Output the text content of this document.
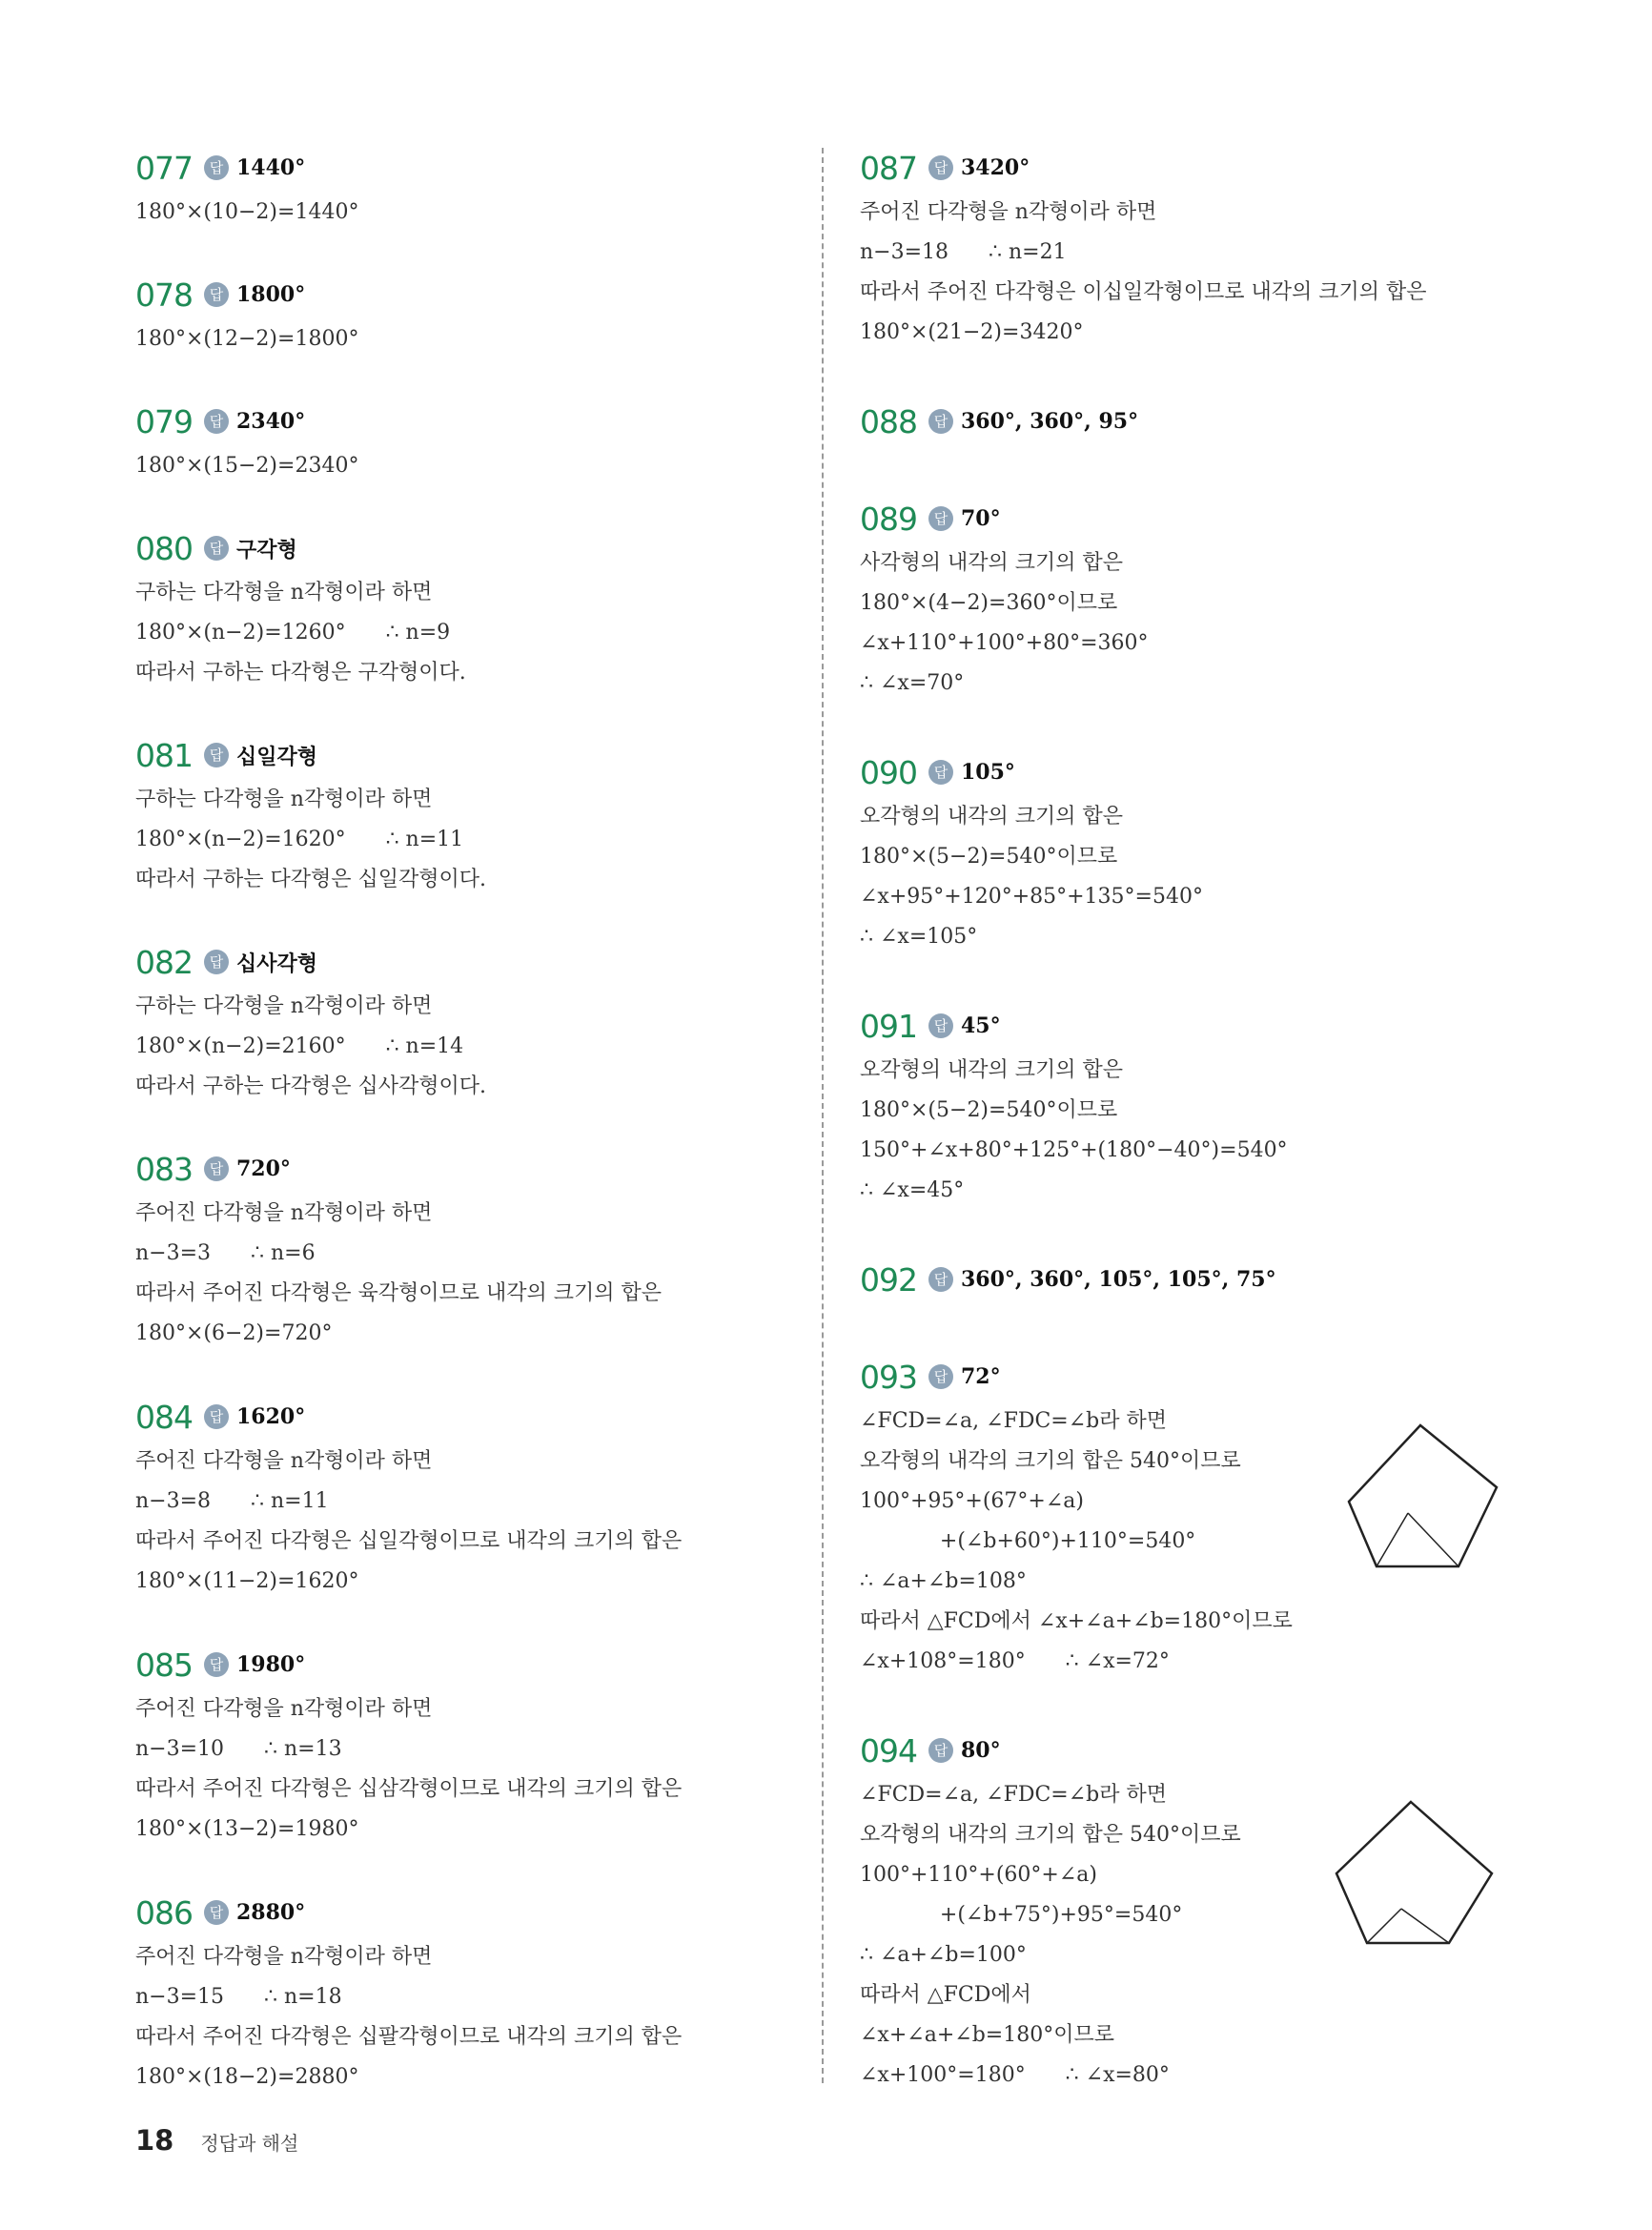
077	답 1440°
180°×(10−2)=1440°
078	답 1800°
180°×(12−2)=1800°
079	답 2340°
180°×(15−2)=2340°
080	답 구각형
구하는 다각형을 n각형이라 하면
180°×(n−2)=1260°      ∴ n=9
따라서 구하는 다각형은 구각형이다.
081	답 십일각형
구하는 다각형을 n각형이라 하면
180°×(n−2)=1620°      ∴ n=11
따라서 구하는 다각형은 십일각형이다.
082	답 십사각형
구하는 다각형을 n각형이라 하면
180°×(n−2)=2160°      ∴ n=14
따라서 구하는 다각형은 십사각형이다.
083	답 720°
주어진 다각형을 n각형이라 하면
n−3=3      ∴ n=6
따라서 주어진 다각형은 육각형이므로 내각의 크기의 합은
180°×(6−2)=720°
084	답 1620°
주어진 다각형을 n각형이라 하면
n−3=8      ∴ n=11
따라서 주어진 다각형은 십일각형이므로 내각의 크기의 합은
180°×(11−2)=1620°
085	답 1980°
주어진 다각형을 n각형이라 하면
n−3=10      ∴ n=13
따라서 주어진 다각형은 십삼각형이므로 내각의 크기의 합은
180°×(13−2)=1980°
086	답 2880°
주어진 다각형을 n각형이라 하면
n−3=15      ∴ n=18
따라서 주어진 다각형은 십팔각형이므로 내각의 크기의 합은
180°×(18−2)=2880°
087	답 3420°
주어진 다각형을 n각형이라 하면
n−3=18      ∴ n=21
따라서 주어진 다각형은 이십일각형이므로 내각의 크기의 합은
180°×(21−2)=3420°
088	답 360°, 360°, 95°
089	답 70°
사각형의 내각의 크기의 합은
180°×(4−2)=360°이므로
∠x+110°+100°+80°=360°
∴ ∠x=70°
090	답 105°
오각형의 내각의 크기의 합은
180°×(5−2)=540°이므로
∠x+95°+120°+85°+135°=540°
∴ ∠x=105°
091	답 45°
오각형의 내각의 크기의 합은
180°×(5−2)=540°이므로
150°+∠x+80°+125°+(180°−40°)=540°
∴ ∠x=45°
092	답 360°, 360°, 105°, 105°, 75°
093	답 72°
∠FCD=∠a, ∠FDC=∠b라 하면
오각형의 내각의 크기의 합은 540°이므로
100°+95°+(67°+∠a)
+(∠b+60°)+110°=540°
∴ ∠a+∠b=108°
따라서 △FCD에서 ∠x+∠a+∠b=180°이므로
∠x+108°=180°      ∴ ∠x=72°
094	답 80°
∠FCD=∠a, ∠FDC=∠b라 하면
오각형의 내각의 크기의 합은 540°이므로
100°+110°+(60°+∠a)
+(∠b+75°)+95°=540°
∴ ∠a+∠b=100°
따라서 △FCD에서
∠x+∠a+∠b=180°이므로
∠x+100°=180°      ∴ ∠x=80°
18 정답과 해설
